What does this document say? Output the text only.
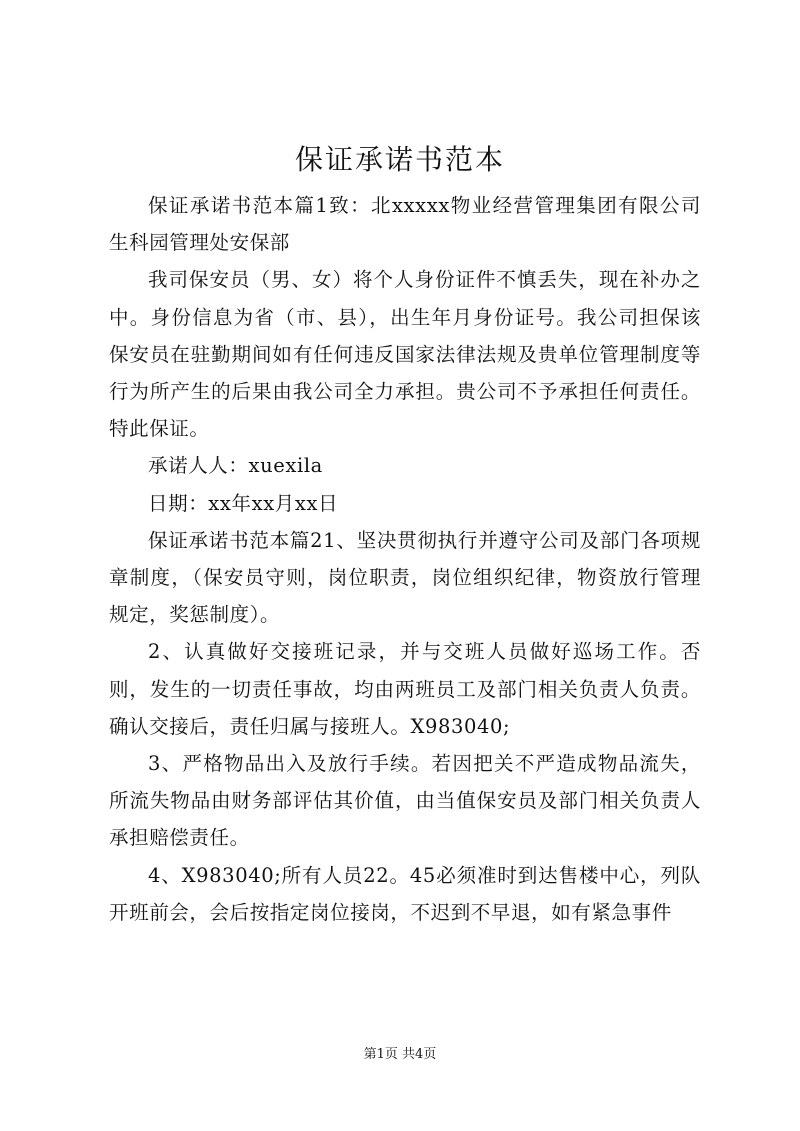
保证承诺书范本

保证承诺书范本篇1致：北xxxxx物业经营管理集团有限公司生科园管理处安保部

我司保安员（男、女）将个人身份证件不慎丢失，现在补办之中。身份信息为省（市、县），出生年月身份证号。我公司担保该保安员在驻勤期间如有任何违反国家法律法规及贵单位管理制度等行为所产生的后果由我公司全力承担。贵公司不予承担任何责任。特此保证。

承诺人人：xuexila

日期：xx年xx月xx日

保证承诺书范本篇21、坚决贯彻执行并遵守公司及部门各项规章制度，（保安员守则，岗位职责，岗位组织纪律，物资放行管理规定，奖惩制度）。

2、认真做好交接班记录，并与交班人员做好巡场工作。否则，发生的一切责任事故，均由两班员工及部门相关负责人负责。确认交接后，责任归属与接班人。X983040;

3、严格物品出入及放行手续。若因把关不严造成物品流失，所流失物品由财务部评估其价值，由当值保安员及部门相关负责人承担赔偿责任。

4、X983040;所有人员22。45必须准时到达售楼中心，列队开班前会，会后按指定岗位接岗，不迟到不早退，如有紧急事件

第1页 共4页
